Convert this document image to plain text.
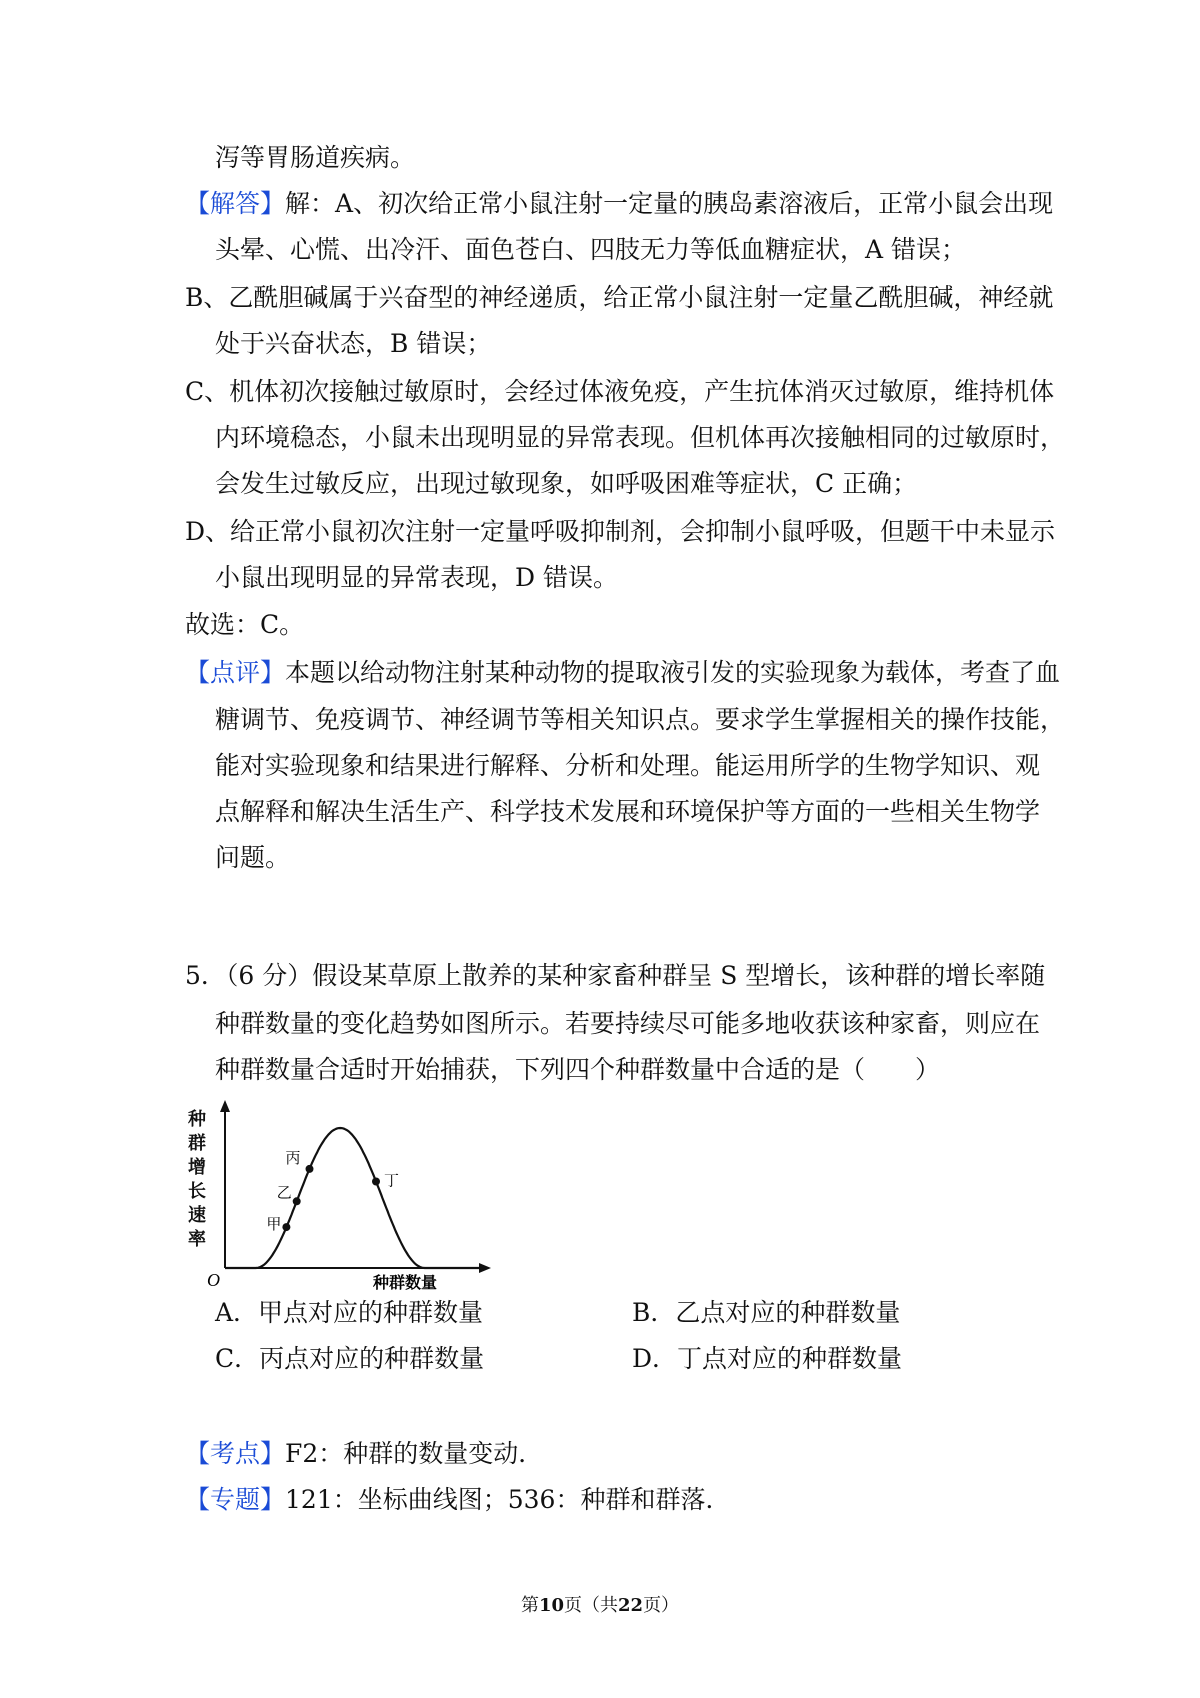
泻等胃肠道疾病。
【解答】解：A、初次给正常小鼠注射一定量的胰岛素溶液后，正常小鼠会出现
头晕、心慌、出冷汗、面色苍白、四肢无力等低血糖症状，A 错误；
B、乙酰胆碱属于兴奋型的神经递质，给正常小鼠注射一定量乙酰胆碱，神经就
处于兴奋状态，B 错误；
C、机体初次接触过敏原时，会经过体液免疫，产生抗体消灭过敏原，维持机体
内环境稳态，小鼠未出现明显的异常表现。但机体再次接触相同的过敏原时，
会发生过敏反应，出现过敏现象，如呼吸困难等症状，C 正确；
D、给正常小鼠初次注射一定量呼吸抑制剂，会抑制小鼠呼吸，但题干中未显示
小鼠出现明显的异常表现，D 错误。
故选：C。
【点评】本题以给动物注射某种动物的提取液引发的实验现象为载体，考查了血
糖调节、免疫调节、神经调节等相关知识点。要求学生掌握相关的操作技能，
能对实验现象和结果进行解释、分析和处理。能运用所学的生物学知识、观
点解释和解决生活生产、科学技术发展和环境保护等方面的一些相关生物学
问题。
5．（6 分）假设某草原上散养的某种家畜种群呈 S 型增长，该种群的增长率随
种群数量的变化趋势如图所示。若要持续尽可能多地收获该种家畜，则应在
种群数量合适时开始捕获，下列四个种群数量中合适的是（　　）
种群增长速率
甲
乙
丙
丁
O	种群数量
A．甲点对应的种群数量	B．乙点对应的种群数量
C．丙点对应的种群数量	D．丁点对应的种群数量
【考点】F2：种群的数量变动．
【专题】121：坐标曲线图；536：种群和群落．
第10页（共22页）
